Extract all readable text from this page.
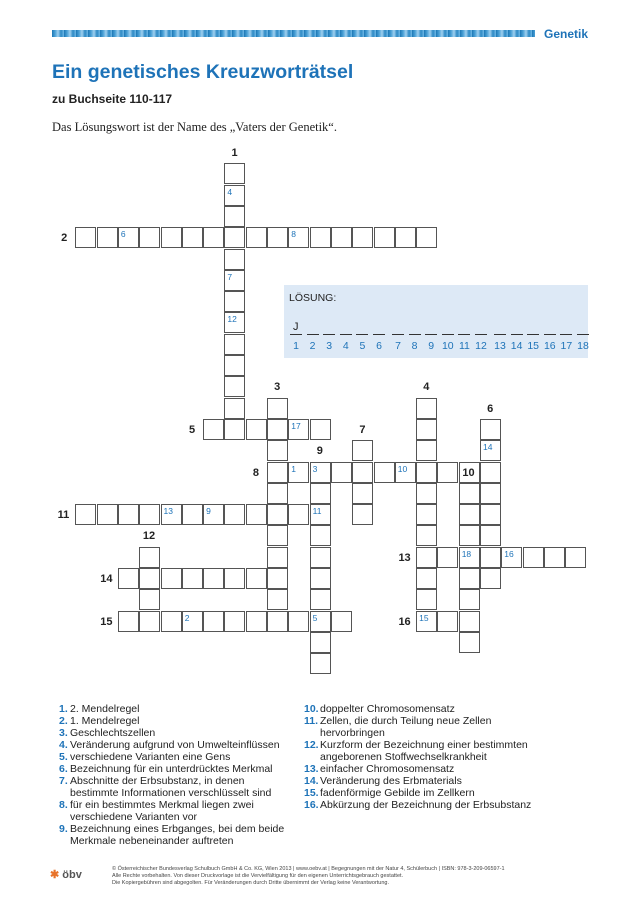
Genetik
Ein genetisches Kreuzworträtsel
zu Buchseite 110-117
Das Lösungswort ist der Name des „Vaters der Genetik“.
4
7
12
6	8
15
17
14
1 3	10
11
5
18
13	9
16
2
1
2
3	4
5
6
7
8
9
10
11
12
13
14
15	16
LÖSUNG:
J
1	2	3	4	5	6	7	8	9 10 11 12 13 14 15 16 17 18
1. 2. Mendelregel
2. 1. Mendelregel
3. Geschlechtszellen
4. Veränderung aufgrund von Umwelteinflüssen
5. verschiedene Varianten eine Gens
6. Bezeichnung für ein unterdrücktes Merkmal
7. Abschnitte der Erbsubstanz, in denen bestimmte Informationen verschlüsselt sind
8. für ein bestimmtes Merkmal liegen zwei verschiedene Varianten vor
9. Bezeichnung eines Erbganges, bei dem beide Merkmale nebeneinander auftreten
10. doppelter Chromosomensatz
11. Zellen, die durch Teilung neue Zellen hervorbringen
12. Kurzform der Bezeichnung einer bestimmten angeborenen Stoffwechselkrankheit
13. einfacher Chromosomensatz
14. Veränderung des Erbmaterials
15. fadenförmige Gebilde im Zellkern
16. Abkürzung der Bezeichnung der Erbsubstanz
✱ öbv	© Österreichischer Bundesverlag Schulbuch GmbH & Co. KG, Wien 2013 | www.oebv.at | Begegnungen mit der Natur 4, Schülerbuch | ISBN: 978-3-209-06597-1
Alle Rechte vorbehalten. Von dieser Druckvorlage ist die Vervielfältigung für den eigenen Unterrichtsgebrauch gestattet.
Die Kopiergebühren sind abgegolten. Für Veränderungen durch Dritte übernimmt der Verlag keine Verantwortung.
